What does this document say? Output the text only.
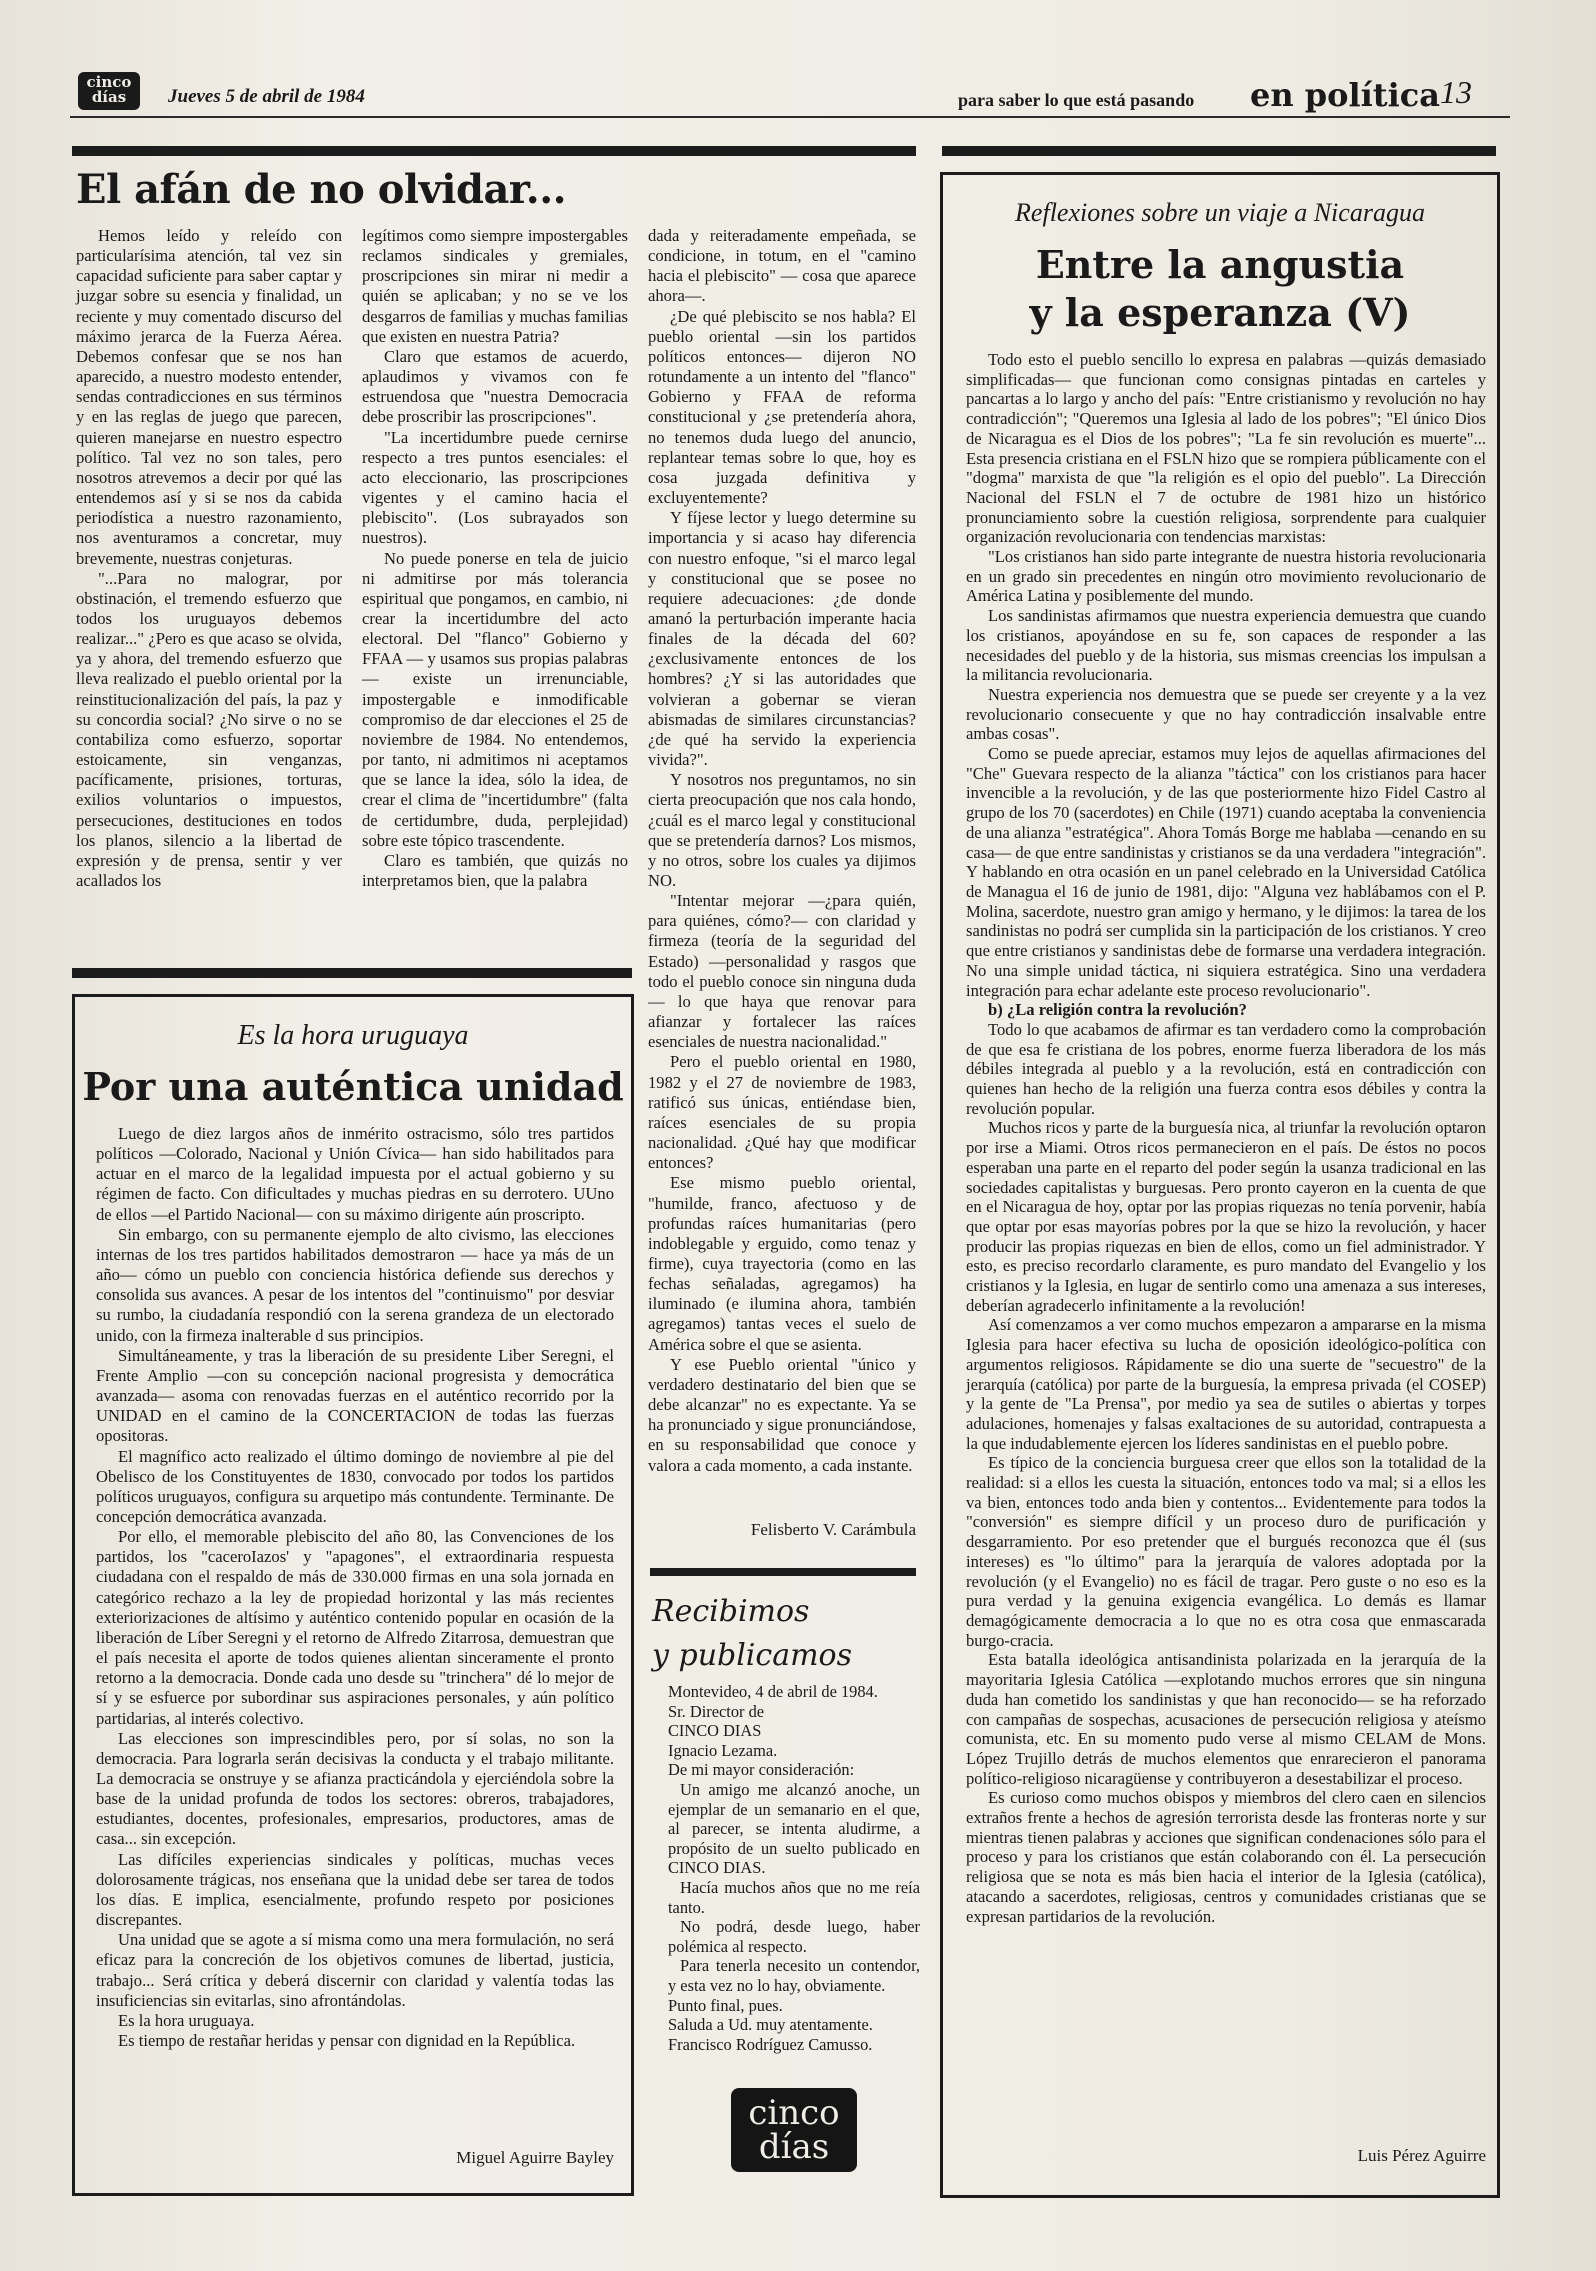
cinco días	Jueves 5 de abril de 1984	para saber lo que está pasando en política 13
El afán de no olvidar...

Hemos leído y releído con particularísima atención, tal vez sin capacidad suficiente para saber captar y juzgar sobre su esencia y finalidad, un reciente y muy comentado discurso del máximo jerarca de la Fuerza Aérea. Debemos confesar que se nos han aparecido, a nuestro modesto entender, sendas contradicciones en sus términos y en las reglas de juego que parecen, quieren manejarse en nuestro espectro político. Tal vez no son tales, pero nosotros atrevemos a decir por qué las entendemos así y si se nos da cabida periodística a nuestro razonamiento, nos aventuramos a concretar, muy brevemente, nuestras conjeturas.

"...Para no malograr, por obstinación, el tremendo esfuerzo que todos los uruguayos debemos realizar..." ¿Pero es que acaso se olvida, ya y ahora, del tremendo esfuerzo que lleva realizado el pueblo oriental por la reinstitucionalización del país, la paz y su concordia social? ¿No sirve o no se contabiliza como esfuerzo, soportar estoicamente, sin venganzas, pacíficamente, prisiones, torturas, exilios voluntarios o impuestos, persecuciones, destituciones en todos los planos, silencio a la libertad de expresión y de prensa, sentir y ver acallados los

legítimos como siempre impostergables reclamos sindicales y gremiales, proscripciones sin mirar ni medir a quién se aplicaban; y no se ve los desgarros de familias y muchas familias que existen en nuestra Patria?

Claro que estamos de acuerdo, aplaudimos y vivamos con fe estruendosa que "nuestra Democracia debe proscribir las proscripciones".

"La incertidumbre puede cernirse respecto a tres puntos esenciales: el acto eleccionario, las proscripciones vigentes y el camino hacia el plebiscito". (Los subrayados son nuestros).

No puede ponerse en tela de juicio ni admitirse por más tolerancia espiritual que pongamos, en cambio, ni crear la incertidumbre del acto electoral. Del "flanco" Gobierno y FFAA — y usamos sus propias palabras— existe un irrenunciable, impostergable e inmodificable compromiso de dar elecciones el 25 de noviembre de 1984. No entendemos, por tanto, ni admitimos ni aceptamos que se lance la idea, sólo la idea, de crear el clima de "incertidumbre" (falta de certidumbre, duda, perplejidad) sobre este tópico trascendente.

Claro es también, que quizás no interpretamos bien, que la palabra

dada y reiteradamente empeñada, se condicione, in totum, en el "camino hacia el plebiscito" — cosa que aparece ahora—.

¿De qué plebiscito se nos habla? El pueblo oriental —sin los partidos políticos entonces— dijeron NO rotundamente a un intento del "flanco" Gobierno y FFAA de reforma constitucional y ¿se pretendería ahora, no tenemos duda luego del anuncio, replantear temas sobre lo que, hoy es cosa juzgada definitiva y excluyentemente?

Y fíjese lector y luego determine su importancia y si acaso hay diferencia con nuestro enfoque, "si el marco legal y constitucional que se posee no requiere adecuaciones: ¿de donde amanó la perturbación imperante hacia finales de la década del 60? ¿exclusivamente entonces de los hombres? ¿Y si las autoridades que volvieran a gobernar se vieran abismadas de similares circunstancias? ¿de qué ha servido la experiencia vivida?".

Y nosotros nos preguntamos, no sin cierta preocupación que nos cala hondo, ¿cuál es el marco legal y constitucional que se pretendería darnos? Los mismos, y no otros, sobre los cuales ya dijimos NO.

"Intentar mejorar —¿para quién, para quiénes, cómo?— con claridad y firmeza (teoría de la seguridad del Estado) —personalidad y rasgos que todo el pueblo conoce sin ninguna duda— lo que haya que renovar para afianzar y fortalecer las raíces esenciales de nuestra nacionalidad."

Pero el pueblo oriental en 1980, 1982 y el 27 de noviembre de 1983, ratificó sus únicas, entiéndase bien, raíces esenciales de su propia nacionalidad. ¿Qué hay que modificar entonces?

Ese mismo pueblo oriental, "humilde, franco, afectuoso y de profundas raíces humanitarias (pero indoblegable y erguido, como tenaz y firme), cuya trayectoria (como en las fechas señaladas, agregamos) ha iluminado (e ilumina ahora, también agregamos) tantas veces el suelo de América sobre el que se asienta.

Y ese Pueblo oriental "único y verdadero destinatario del bien que se debe alcanzar" no es expectante. Ya se ha pronunciado y sigue pronunciándose, en su responsabilidad que conoce y valora a cada momento, a cada instante.

Felisberto V. Carámbula
Es la hora uruguaya
Por una auténtica unidad

Luego de diez largos años de inmérito ostracismo, sólo tres partidos políticos —Colorado, Nacional y Unión Cívica— han sido habilitados para actuar en el marco de la legalidad impuesta por el actual gobierno y su régimen de facto. Con dificultades y muchas piedras en su derrotero. UUno de ellos —el Partido Nacional— con su máximo dirigente aún proscripto.

Sin embargo, con su permanente ejemplo de alto civismo, las elecciones internas de los tres partidos habilitados demostraron — hace ya más de un año— cómo un pueblo con conciencia histórica defiende sus derechos y consolida sus avances. A pesar de los intentos del "continuismo" por desviar su rumbo, la ciudadanía respondió con la serena grandeza de un electorado unido, con la firmeza inalterable d sus principios.

Simultáneamente, y tras la liberación de su presidente Liber Seregni, el Frente Amplio —con su concepción nacional progresista y democrática avanzada— asoma con renovadas fuerzas en el auténtico recorrido por la UNIDAD en el camino de la CONCERTACION de todas las fuerzas opositoras.

El magnífico acto realizado el último domingo de noviembre al pie del Obelisco de los Constituyentes de 1830, convocado por todos los partidos políticos uruguayos, configura su arquetipo más contundente. Terminante. De concepción democrática avanzada.

Por ello, el memorable plebiscito del año 80, las Convenciones de los partidos, los "caceroIazos' y "apagones", el extraordinaria respuesta ciudadana con el respaldo de más de 330.000 firmas en una sola jornada en categórico rechazo a la ley de propiedad horizontal y las más recientes exteriorizaciones de altísimo y auténtico contenido popular en ocasión de la liberación de Líber Seregni y el retorno de Alfredo Zitarrosa, demuestran que el país necesita el aporte de todos quienes alientan sinceramente el pronto retorno a la democracia. Donde cada uno desde su "trinchera" dé lo mejor de sí y se esfuerce por subordinar sus aspiraciones personales, y aún político partidarias, al interés colectivo.

Las elecciones son imprescindibles pero, por sí solas, no son la democracia. Para lograrla serán decisivas la conducta y el trabajo militante. La democracia se onstruye y se afianza practicándola y ejerciéndola sobre la base de la unidad profunda de todos los sectores: obreros, trabajadores, estudiantes, docentes, profesionales, empresarios, productores, amas de casa... sin excepción.

Las difíciles experiencias sindicales y políticas, muchas veces dolorosamente trágicas, nos enseñana que la unidad debe ser tarea de todos los días. E implica, esencialmente, profundo respeto por posiciones discrepantes.

Una unidad que se agote a sí misma como una mera formulación, no será eficaz para la concreción de los objetivos comunes de libertad, justicia, trabajo... Será crítica y deberá discernir con claridad y valentía todas las insuficiencias sin evitarlas, sino afrontándolas.

Es la hora uruguaya.

Es tiempo de restañar heridas y pensar con dignidad en la República.

Miguel Aguirre Bayley
Recibimos
y publicamos

Montevideo, 4 de abril de 1984.

Sr. Director de

CINCO DIAS

Ignacio Lezama.

De mi mayor consideración:

Un amigo me alcanzó anoche, un ejemplar de un semanario en el que, al parecer, se intenta aludirme, a propósito de un suelto publicado en CINCO DIAS.

Hacía muchos años que no me reía tanto.

No podrá, desde luego, haber polémica al respecto.

Para tenerla necesito un contendor, y esta vez no lo hay, obviamente.

Punto final, pues.

Saluda a Ud. muy atentamente.

Francisco Rodríguez Camusso.

cinco días
Reflexiones sobre un viaje a Nicaragua
Entre la angustia
y la esperanza (V)

Todo esto el pueblo sencillo lo expresa en palabras —quizás demasiado simplificadas— que funcionan como consignas pintadas en carteles y pancartas a lo largo y ancho del país: "Entre cristianismo y revolución no hay contradicción"; "Queremos una Iglesia al lado de los pobres"; "El único Dios de Nicaragua es el Dios de los pobres"; "La fe sin revolución es muerte"... Esta presencia cristiana en el FSLN hizo que se rompiera públicamente con el "dogma" marxista de que "la religión es el opio del pueblo". La Dirección Nacional del FSLN el 7 de octubre de 1981 hizo un histórico pronunciamiento sobre la cuestión religiosa, sorprendente para cualquier organización revolucionaria con tendencias marxistas:

"Los cristianos han sido parte integrante de nuestra historia revolucionaria en un grado sin precedentes en ningún otro movimiento revolucionario de América Latina y posiblemente del mundo.

Los sandinistas afirmamos que nuestra experiencia demuestra que cuando los cristianos, apoyándose en su fe, son capaces de responder a las necesidades del pueblo y de la historia, sus mismas creencias los impulsan a la militancia revolucionaria.

Nuestra experiencia nos demuestra que se puede ser creyente y a la vez revolucionario consecuente y que no hay contradicción insalvable entre ambas cosas".

Como se puede apreciar, estamos muy lejos de aquellas afirmaciones del "Che" Guevara respecto de la alianza "táctica" con los cristianos para hacer invencible a la revolución, y de las que posteriormente hizo Fidel Castro al grupo de los 70 (sacerdotes) en Chile (1971) cuando aceptaba la conveniencia de una alianza "estratégica". Ahora Tomás Borge me hablaba —cenando en su casa— de que entre sandinistas y cristianos se da una verdadera "integración". Y hablando en otra ocasión en un panel celebrado en la Universidad Católica de Managua el 16 de junio de 1981, dijo: "Alguna vez hablábamos con el P. Molina, sacerdote, nuestro gran amigo y hermano, y le dijimos: la tarea de los sandinistas no podrá ser cumplida sin la participación de los cristianos. Y creo que entre cristianos y sandinistas debe de formarse una verdadera integración. No una simple unidad táctica, ni siquiera estratégica. Sino una verdadera integración para echar adelante este proceso revolucionario".

b) ¿La religión contra la revolución?

Todo lo que acabamos de afirmar es tan verdadero como la comprobación de que esa fe cristiana de los pobres, enorme fuerza liberadora de los más débiles integrada al pueblo y a la revolución, está en contradicción con quienes han hecho de la religión una fuerza contra esos débiles y contra la revolución popular.

Muchos ricos y parte de la burguesía nica, al triunfar la revolución optaron por irse a Miami. Otros ricos permanecieron en el país. De éstos no pocos esperaban una parte en el reparto del poder según la usanza tradicional en las sociedades capitalistas y burguesas. Pero pronto cayeron en la cuenta de que en el Nicaragua de hoy, optar por las propias riquezas no tenía porvenir, había que optar por esas mayorías pobres por la que se hizo la revolución, y hacer producir las propias riquezas en bien de ellos, como un fiel administrador. Y esto, es preciso recordarlo claramente, es puro mandato del Evangelio y los cristianos y la Iglesia, en lugar de sentirlo como una amenaza a sus intereses, deberían agradecerlo infinitamente a la revolución!

Así comenzamos a ver como muchos empezaron a ampararse en la misma Iglesia para hacer efectiva su lucha de oposición ideológico-política con argumentos religiosos. Rápidamente se dio una suerte de "secuestro" de la jerarquía (católica) por parte de la burguesía, la empresa privada (el COSEP) y la gente de "La Prensa", por medio ya sea de sutiles o abiertas y torpes adulaciones, homenajes y falsas exaltaciones de su autoridad, contrapuesta a la que indudablemente ejercen los líderes sandinistas en el pueblo pobre.

Es típico de la conciencia burguesa creer que ellos son la totalidad de la realidad: si a ellos les cuesta la situación, entonces todo va mal; si a ellos les va bien, entonces todo anda bien y contentos... Evidentemente para todos la "conversión" es siempre difícil y un proceso duro de purificación y desgarramiento. Por eso pretender que el burgués reconozca que él (sus intereses) es "lo último" para la jerarquía de valores adoptada por la revolución (y el Evangelio) no es fácil de tragar. Pero guste o no eso es la pura verdad y la genuina exigencia evangélica. Lo demás es llamar demagógicamente democracia a lo que no es otra cosa que enmascarada burgo-cracia.

Esta batalla ideológica antisandinista polarizada en la jerarquía de la mayoritaria Iglesia Católica —explotando muchos errores que sin ninguna duda han cometido los sandinistas y que han reconocido— se ha reforzado con campañas de sospechas, acusaciones de persecución religiosa y ateísmo comunista, etc. En su momento pudo verse al mismo CELAM de Mons. López Trujillo detrás de muchos elementos que enrarecieron el panorama político-religioso nicaragüense y contribuyeron a desestabilizar el proceso.

Es curioso como muchos obispos y miembros del clero caen en silencios extraños frente a hechos de agresión terrorista desde las fronteras norte y sur mientras tienen palabras y acciones que significan condenaciones sólo para el proceso y para los cristianos que están colaborando con él. La persecución religiosa que se nota es más bien hacia el interior de la Iglesia (católica), atacando a sacerdotes, religiosas, centros y comunidades cristianas que se expresan partidarios de la revolución.

Luis Pérez Aguirre
